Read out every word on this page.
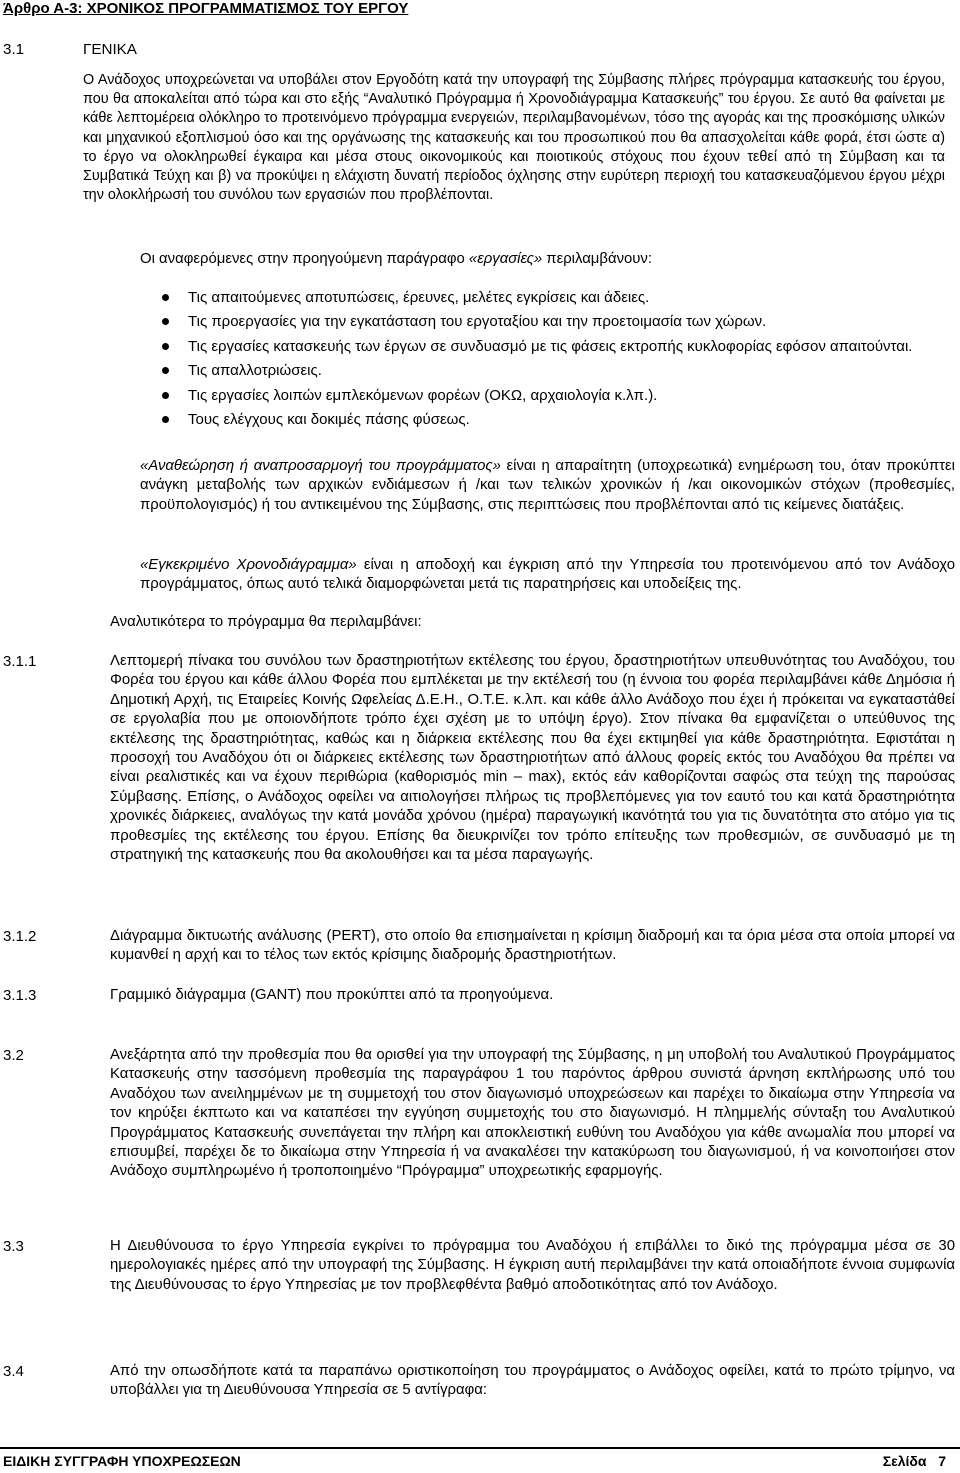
Άρθρο Α-3: ΧΡΟΝΙΚΟΣ ΠΡΟΓΡΑΜΜΑΤΙΣΜΟΣ ΤΟΥ ΕΡΓΟΥ
3.1	ΓΕΝΙΚΑ

Ο Ανάδοχος υποχρεώνεται να υποβάλει στον Εργοδότη κατά την υπογραφή της Σύμβασης πλήρες πρόγραμμα κατασκευής του έργου, που θα αποκαλείται από τώρα και στο εξής “Αναλυτικό Πρόγραμμα ή Χρονοδιάγραμμα Κατασκευής” του έργου. Σε αυτό θα φαίνεται με κάθε λεπτομέρεια ολόκληρο το προτεινόμενο πρόγραμμα ενεργειών, περιλαμβανομένων, τόσο της αγοράς και της προσκόμισης υλικών και μηχανικού εξοπλισμού όσο και της οργάνωσης της κατασκευής και του προσωπικού που θα απασχολείται κάθε φορά, έτσι ώστε α) το έργο να ολοκληρωθεί έγκαιρα και μέσα στους οικονομικούς και ποιοτικούς στόχους που έχουν τεθεί από τη Σύμβαση και τα Συμβατικά Τεύχη και β) να προκύψει η ελάχιστη δυνατή περίοδος όχλησης στην ευρύτερη περιοχή του κατασκευαζόμενου έργου μέχρι την ολοκλήρωσή του συνόλου των εργασιών που προβλέπονται.

Οι αναφερόμενες στην προηγούμενη παράγραφο «εργασίες» περιλαμβάνουν:

Τις απαιτούμενες αποτυπώσεις, έρευνες, μελέτες εγκρίσεις και άδειες.
Τις προεργασίες για την εγκατάσταση του εργοταξίου και την προετοιμασία των χώρων.
Τις εργασίες κατασκευής των έργων σε συνδυασμό με τις φάσεις εκτροπής κυκλοφορίας εφόσον απαιτούνται.
Τις απαλλοτριώσεις.
Τις εργασίες λοιπών εμπλεκόμενων φορέων (ΟΚΩ, αρχαιολογία κ.λπ.).
Τους ελέγχους και δοκιμές πάσης φύσεως.

«Αναθεώρηση ή αναπροσαρμογή του προγράμματος» είναι η απαραίτητη (υποχρεωτικά) ενημέρωση του, όταν προκύπτει ανάγκη μεταβολής των αρχικών ενδιάμεσων ή /και των τελικών χρονικών ή /και οικονομικών στόχων (προθεσμίες, προϋπολογισμός) ή του αντικειμένου της Σύμβασης, στις περιπτώσεις που προβλέπονται από τις κείμενες διατάξεις.

«Εγκεκριμένο Χρονοδιάγραμμα» είναι η αποδοχή και έγκριση από την Υπηρεσία του προτεινόμενου από τον Ανάδοχο προγράμματος, όπως αυτό τελικά διαμορφώνεται μετά τις παρατηρήσεις και υποδείξεις της.

Αναλυτικότερα το πρόγραμμα θα περιλαμβάνει:

3.1.1	Λεπτομερή πίνακα του συνόλου των δραστηριοτήτων εκτέλεσης του έργου, δραστηριοτήτων υπευθυνότητας του Αναδόχου, του Φορέα του έργου και κάθε άλλου Φορέα που εμπλέκεται με την εκτέλεσή του (η έννοια του φορέα περιλαμβάνει κάθε Δημόσια ή Δημοτική Αρχή, τις Εταιρείες Κοινής Ωφελείας Δ.Ε.Η., Ο.Τ.Ε. κ.λπ. και κάθε άλλο Ανάδοχο που έχει ή πρόκειται να εγκαταστάθεί σε εργολαβία που με οποιονδήποτε τρόπο έχει σχέση με το υπόψη έργο). Στον πίνακα θα εμφανίζεται ο υπεύθυνος της εκτέλεσης της δραστηριότητας, καθώς και η διάρκεια εκτέλεσης που θα έχει εκτιμηθεί για κάθε δραστηριότητα. Εφιστάται η προσοχή του Αναδόχου ότι οι διάρκειες εκτέλεσης των δραστηριοτήτων από άλλους φορείς εκτός του Αναδόχου θα πρέπει να είναι ρεαλιστικές και να έχουν περιθώρια (καθορισμός min – max), εκτός εάν καθορίζονται σαφώς στα τεύχη της παρούσας Σύμβασης. Επίσης, ο Ανάδοχος οφείλει να αιτιολογήσει πλήρως τις προβλεπόμενες για τον εαυτό του και κατά δραστηριότητα χρονικές διάρκειες, αναλόγως την κατά μονάδα χρόνου (ημέρα) παραγωγική ικανότητά του για τις δυνατότητα στο ατόμο για τις προθεσμίες της εκτέλεσης του έργου. Επίσης θα διευκρινίζει τον τρόπο επίτευξης των προθεσμιών, σε συνδυασμό με τη στρατηγική της κατασκευής που θα ακολουθήσει και τα μέσα παραγωγής.

3.1.2	Διάγραμμα δικτυωτής ανάλυσης (PERT), στο οποίο θα επισημαίνεται η κρίσιμη διαδρομή και τα όρια μέσα στα οποία μπορεί να κυμανθεί η αρχή και το τέλος των εκτός κρίσιμης διαδρομής δραστηριοτήτων.

3.1.3	Γραμμικό διάγραμμα (GANT) που προκύπτει από τα προηγούμενα.

3.2	Ανεξάρτητα από την προθεσμία που θα ορισθεί για την υπογραφή της Σύμβασης, η μη υποβολή του Αναλυτικού Προγράμματος Κατασκευής στην τασσόμενη προθεσμία της παραγράφου 1 του παρόντος άρθρου συνιστά άρνηση εκπλήρωσης υπό του Αναδόχου των ανειλημμένων με τη συμμετοχή του στον διαγωνισμό υποχρεώσεων και παρέχει το δικαίωμα στην Υπηρεσία να τον κηρύξει έκπτωτο και να καταπέσει την εγγύηση συμμετοχής του στο διαγωνισμό. Η πλημμελής σύνταξη του Αναλυτικού Προγράμματος Κατασκευής συνεπάγεται την πλήρη και αποκλειστική ευθύνη του Αναδόχου για κάθε ανωμαλία που μπορεί να επισυμβεί, παρέχει δε το δικαίωμα στην Υπηρεσία ή να ανακαλέσει την κατακύρωση του διαγωνισμού, ή να κοινοποιήσει στον Ανάδοχο συμπληρωμένο ή τροποποιημένο “Πρόγραμμα” υποχρεωτικής εφαρμογής.

3.3	Η Διευθύνουσα το έργο Υπηρεσία εγκρίνει το πρόγραμμα του Αναδόχου ή επιβάλλει το δικό της πρόγραμμα μέσα σε 30 ημερολογιακές ημέρες από την υπογραφή της Σύμβασης. Η έγκριση αυτή περιλαμβάνει την κατά οποιαδήποτε έννοια συμφωνία της Διευθύνουσας το έργο Υπηρεσίας με τον προβλεφθέντα βαθμό αποδοτικότητας από τον Ανάδοχο.

3.4	Από την οπωσδήποτε κατά τα παραπάνω οριστικοποίηση του προγράμματος ο Ανάδοχος οφείλει, κατά το πρώτο τρίμηνο, να υποβάλλει για τη Διευθύνουσα Υπηρεσία σε 5 αντίγραφα:

ΕΙΔΙΚΗ ΣΥΓΓΡΑΦΗ ΥΠΟΧΡΕΩΣΕΩΝ	Σελίδα 7
